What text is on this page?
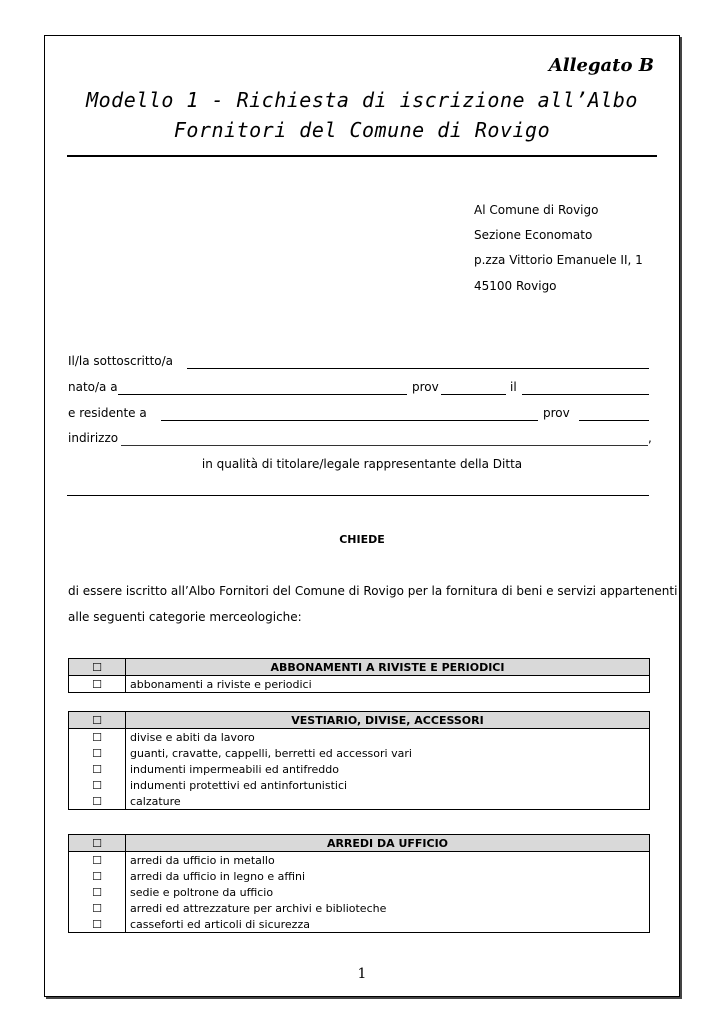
Allegato B
Modello 1 - Richiesta di iscrizione all’Albo
Fornitori del Comune di Rovigo
Al Comune di Rovigo
Sezione Economato
p.zza Vittorio Emanuele II, 1
45100 Rovigo
Il/la sottoscritto/a
nato/a a	prov	il
e residente a	prov
indirizzo	,
in qualità di titolare/legale rappresentante della Ditta
CHIEDE
di essere iscritto all’Albo Fornitori del Comune di Rovigo per la fornitura di beni e servizi appartenenti
alle seguenti categorie merceologiche:
☐	ABBONAMENTI A RIVISTE E PERIODICI
☐	abbonamenti a riviste e periodici
☐	VESTIARIO, DIVISE, ACCESSORI
☐	divise e abiti da lavoro
☐	guanti, cravatte, cappelli, berretti ed accessori vari
☐	indumenti impermeabili ed antifreddo
☐	indumenti protettivi ed antinfortunistici
☐	calzature
☐	ARREDI DA UFFICIO
☐	arredi da ufficio in metallo
☐	arredi da ufficio in legno e affini
☐	sedie e poltrone da ufficio
☐	arredi ed attrezzature per archivi e biblioteche
☐	casseforti ed articoli di sicurezza
1
